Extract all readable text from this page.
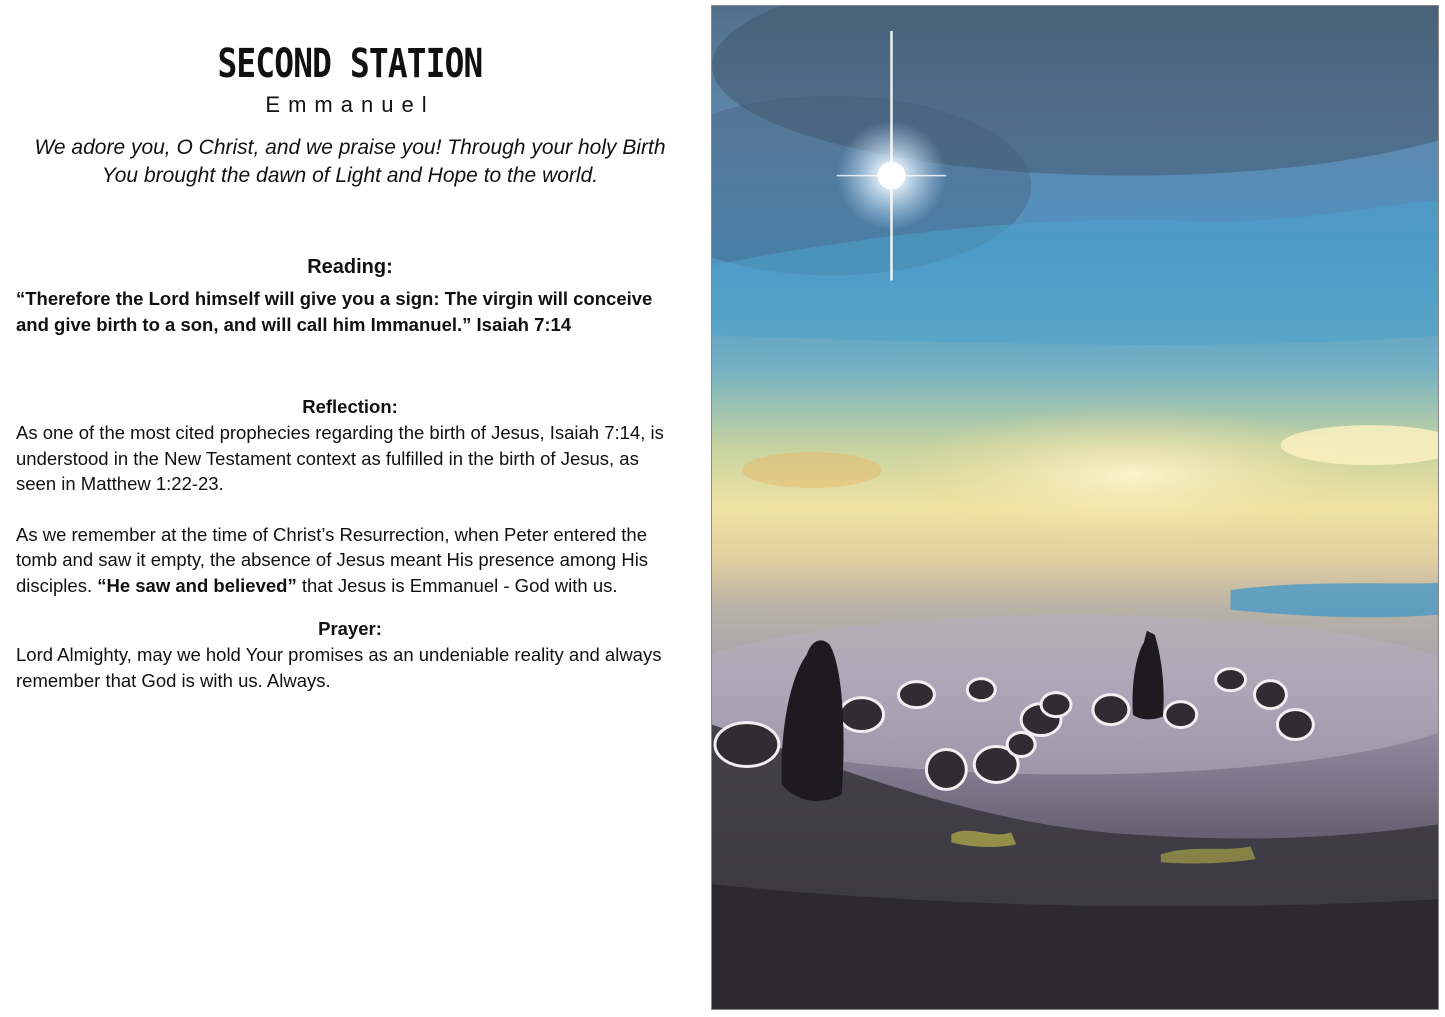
SECOND STATION
Emmanuel
We adore you, O Christ, and we praise you! Through your holy Birth
You brought the dawn of Light and Hope to the world.
Reading:
“Therefore the Lord himself will give you a sign: The virgin will conceive and give birth to a son, and will call him Immanuel.” Isaiah 7:14
Reflection:
As one of the most cited prophecies regarding the birth of Jesus, Isaiah 7:14, is understood in the New Testament context as fulfilled in the birth of Jesus, as seen in Matthew 1:22-23.
As we remember at the time of Christ’s Resurrection, when Peter entered the tomb and saw it empty, the absence of Jesus meant His presence among His disciples. “He saw and believed” that Jesus is Emmanuel - God with us.
Prayer:
Lord Almighty, may we hold Your promises as an undeniable reality and always remember that God is with us. Always.
